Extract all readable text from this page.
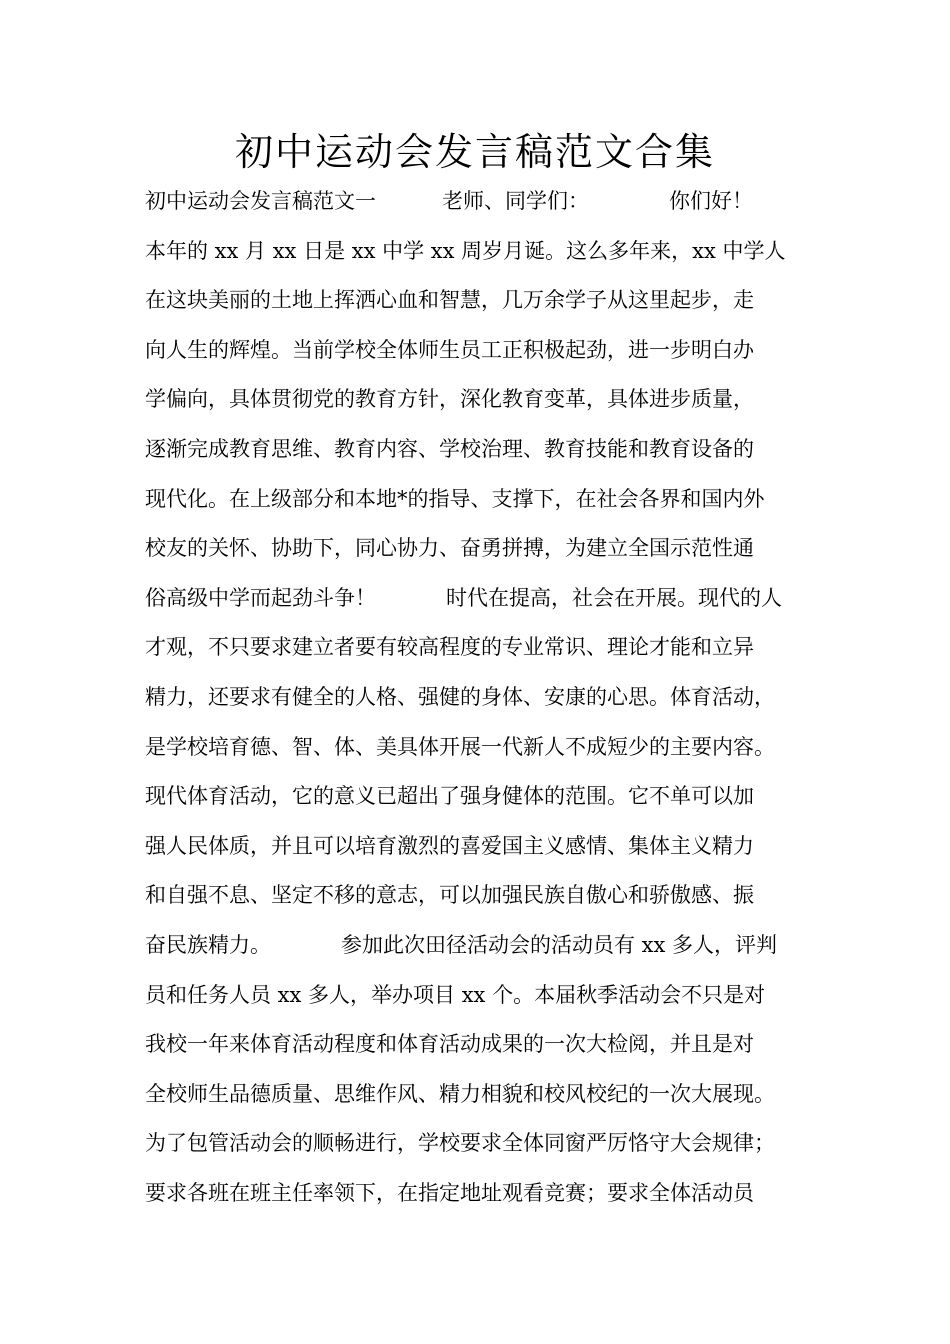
初中运动会发言稿范文合集
初中运动会发言稿范文一	老师、同学们：	你们好！
本年的 xx 月 xx 日是 xx 中学 xx 周岁月诞。这么多年来，xx 中学人
在这块美丽的土地上挥洒心血和智慧，几万余学子从这里起步，走
向人生的辉煌。当前学校全体师生员工正积极起劲，进一步明白办
学偏向，具体贯彻党的教育方针，深化教育变革，具体进步质量，
逐渐完成教育思维、教育内容、学校治理、教育技能和教育设备的
现代化。在上级部分和本地*的指导、支撑下，在社会各界和国内外
校友的关怀、协助下，同心协力、奋勇拼搏，为建立全国示范性通
俗高级中学而起劲斗争！	时代在提高，社会在开展。现代的人
才观，不只要求建立者要有较高程度的专业常识、理论才能和立异
精力，还要求有健全的人格、强健的身体、安康的心思。体育活动，
是学校培育德、智、体、美具体开展一代新人不成短少的主要内容。
现代体育活动，它的意义已超出了强身健体的范围。它不单可以加
强人民体质，并且可以培育激烈的喜爱国主义感情、集体主义精力
和自强不息、坚定不移的意志，可以加强民族自傲心和骄傲感、振
奋民族精力。	参加此次田径活动会的活动员有 xx 多人，评判
员和任务人员 xx 多人，举办项目 xx 个。本届秋季活动会不只是对
我校一年来体育活动程度和体育活动成果的一次大检阅，并且是对
全校师生品德质量、思维作风、精力相貌和校风校纪的一次大展现。
为了包管活动会的顺畅进行，学校要求全体同窗严厉恪守大会规律；
要求各班在班主任率领下，在指定地址观看竞赛；要求全体活动员
